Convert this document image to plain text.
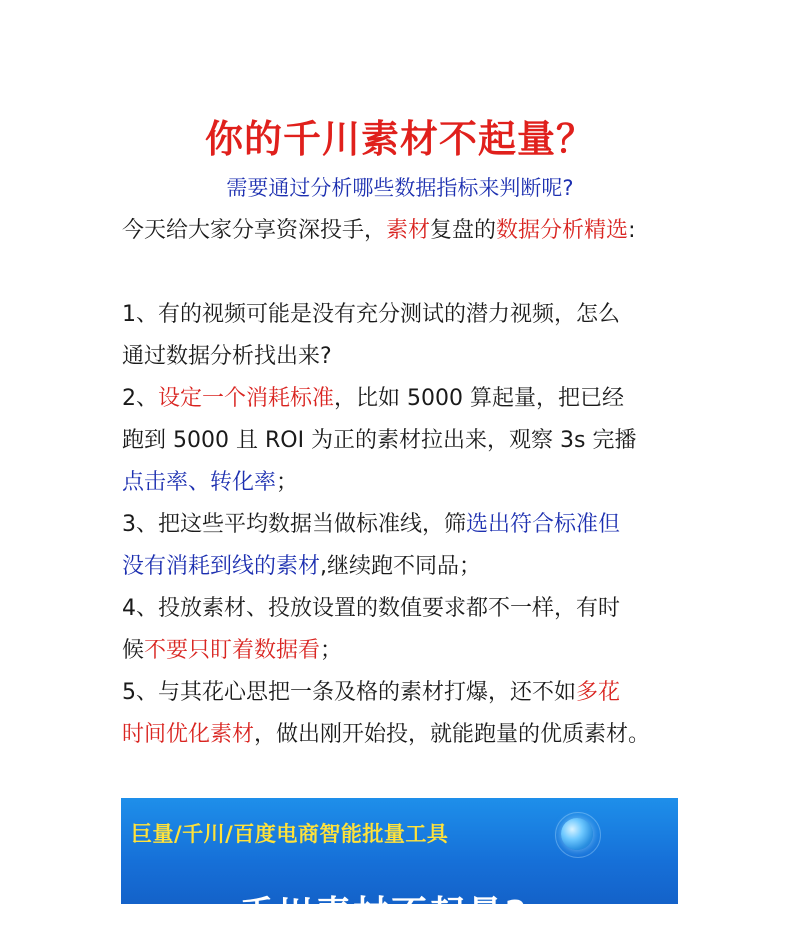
你的千川素材不起量？
需要通过分析哪些数据指标来判断呢?
今天给大家分享资深投手，素材复盘的数据分析精选:
1、有的视频可能是没有充分测试的潜力视频，怎么
通过数据分析找出来?
2、设定一个消耗标准，比如 5000 算起量，把已经
跑到 5000 且 ROI 为正的素材拉出来，观察 3s 完播
点击率、转化率；
3、把这些平均数据当做标准线，筛选出符合标准但
没有消耗到线的素材,继续跑不同品；
4、投放素材、投放设置的数值要求都不一样，有时
候不要只盯着数据看；
5、与其花心思把一条及格的素材打爆，还不如多花
时间优化素材，做出刚开始投，就能跑量的优质素材。
巨量/千川/百度电商智能批量工具
千川素材不起量?
